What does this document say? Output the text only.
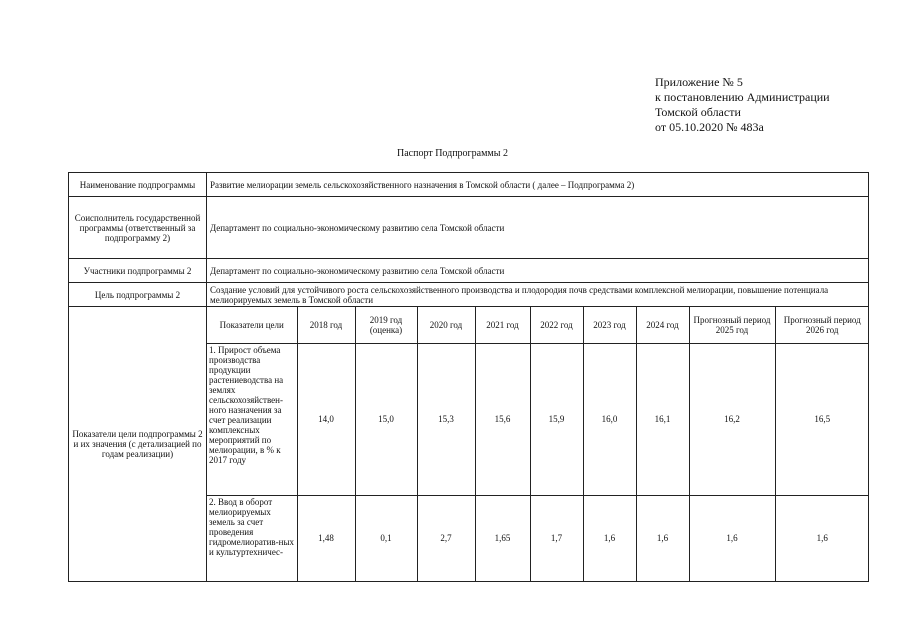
Приложение № 5
к постановлению Администрации
Томской области
от 05.10.2020 № 483а
Паспорт Подпрограммы 2
Наименование подпрограммы	Развитие мелиорации земель сельскохозяйственного назначения в Томской области ( далее – Подпрограмма 2)
Соисполнитель государственной программы (ответственный за подпрограмму 2)	Департамент по социально-экономическому развитию села Томской области
Участники подпрограммы 2	Департамент по социально-экономическому развитию села Томской области
Цель подпрограммы 2	Создание условий для устойчивого роста сельскохозяйственного производства и плодородия почв средствами комплексной мелиорации, повышение потенциала мелиорируемых земель в Томской области
Показатели цели подпрограммы 2 и их значения (с детализацией по годам реализации)	
Показатели цели	2018 год	2019 год (оценка)	2020 год	2021 год	2022 год	2023 год	2024 год	Прогнозный период 2025 год	Прогнозный период 2026 год
1. Прирост объема производства продукции растениеводства на землях сельскохозяйствен-ного назначения за счет реализации комплексных мероприятий по мелиорации, в % к 2017 году	14,0	15,0	15,3	15,6	15,9	16,0	16,1	16,2	16,5
2. Ввод в оборот мелиорируемых земель за счет проведения гидромелиоратив-ных и культуртехничес-	1,48	0,1	2,7	1,65	1,7	1,6	1,6	1,6	1,6
